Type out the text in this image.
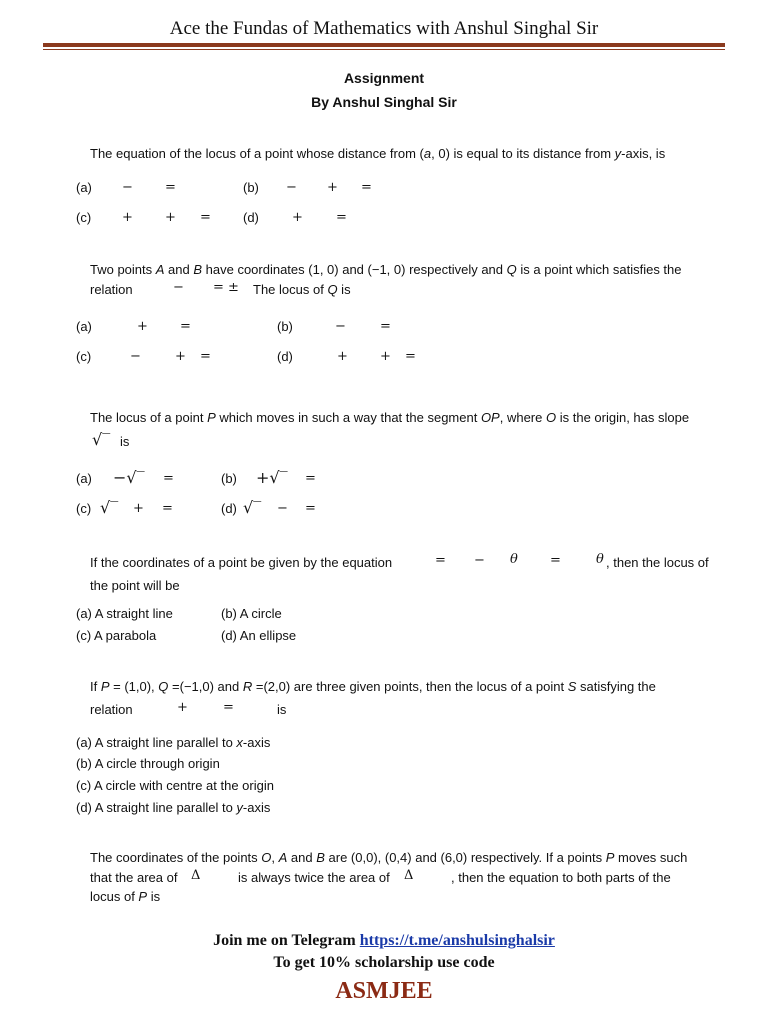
Ace the Fundas of Mathematics with Anshul Singhal Sir
Assignment
By Anshul Singhal Sir
The equation of the locus of a point whose distance from (a, 0) is equal to its distance from y-axis, is
(a) − =	(b) − + =
(c) + + = (d)	+	=
Two points A and B have coordinates (1, 0) and (−1, 0) respectively and Q is a point which satisfies the
relation	− = ± The locus of Q is
(a)	+ =	(b)	−	=
(c)	−	+ =	(d)	+ + =
The locus of a point P which moves in such a way that the segment OP, where O is the origin, has slope
√‾ is
(a) −√‾ =	(b) +√‾ =
(c) √‾ + =	(d) √‾ − =
If the coordinates of a point be given by the equation	= − θ =	θ , then the locus of
the point will be
(a) A straight line	(b) A circle
(c) A parabola	(d) An ellipse
If P = (1,0), Q =(−1,0) and R =(2,0) are three given points, then the locus of a point S satisfying the
relation	+	=	is
(a) A straight line parallel to x-axis
(b) A circle through origin
(c) A circle with centre at the origin
(d) A straight line parallel to y-axis
The coordinates of the points O, A and B are (0,0), (0,4) and (6,0) respectively. If a points P moves such
that the area of Δ	is always twice the area of Δ	, then the equation to both parts of the
locus of P is
Join me on Telegram https://t.me/anshulsinghalsir
To get 10% scholarship use code
ASMJEE
